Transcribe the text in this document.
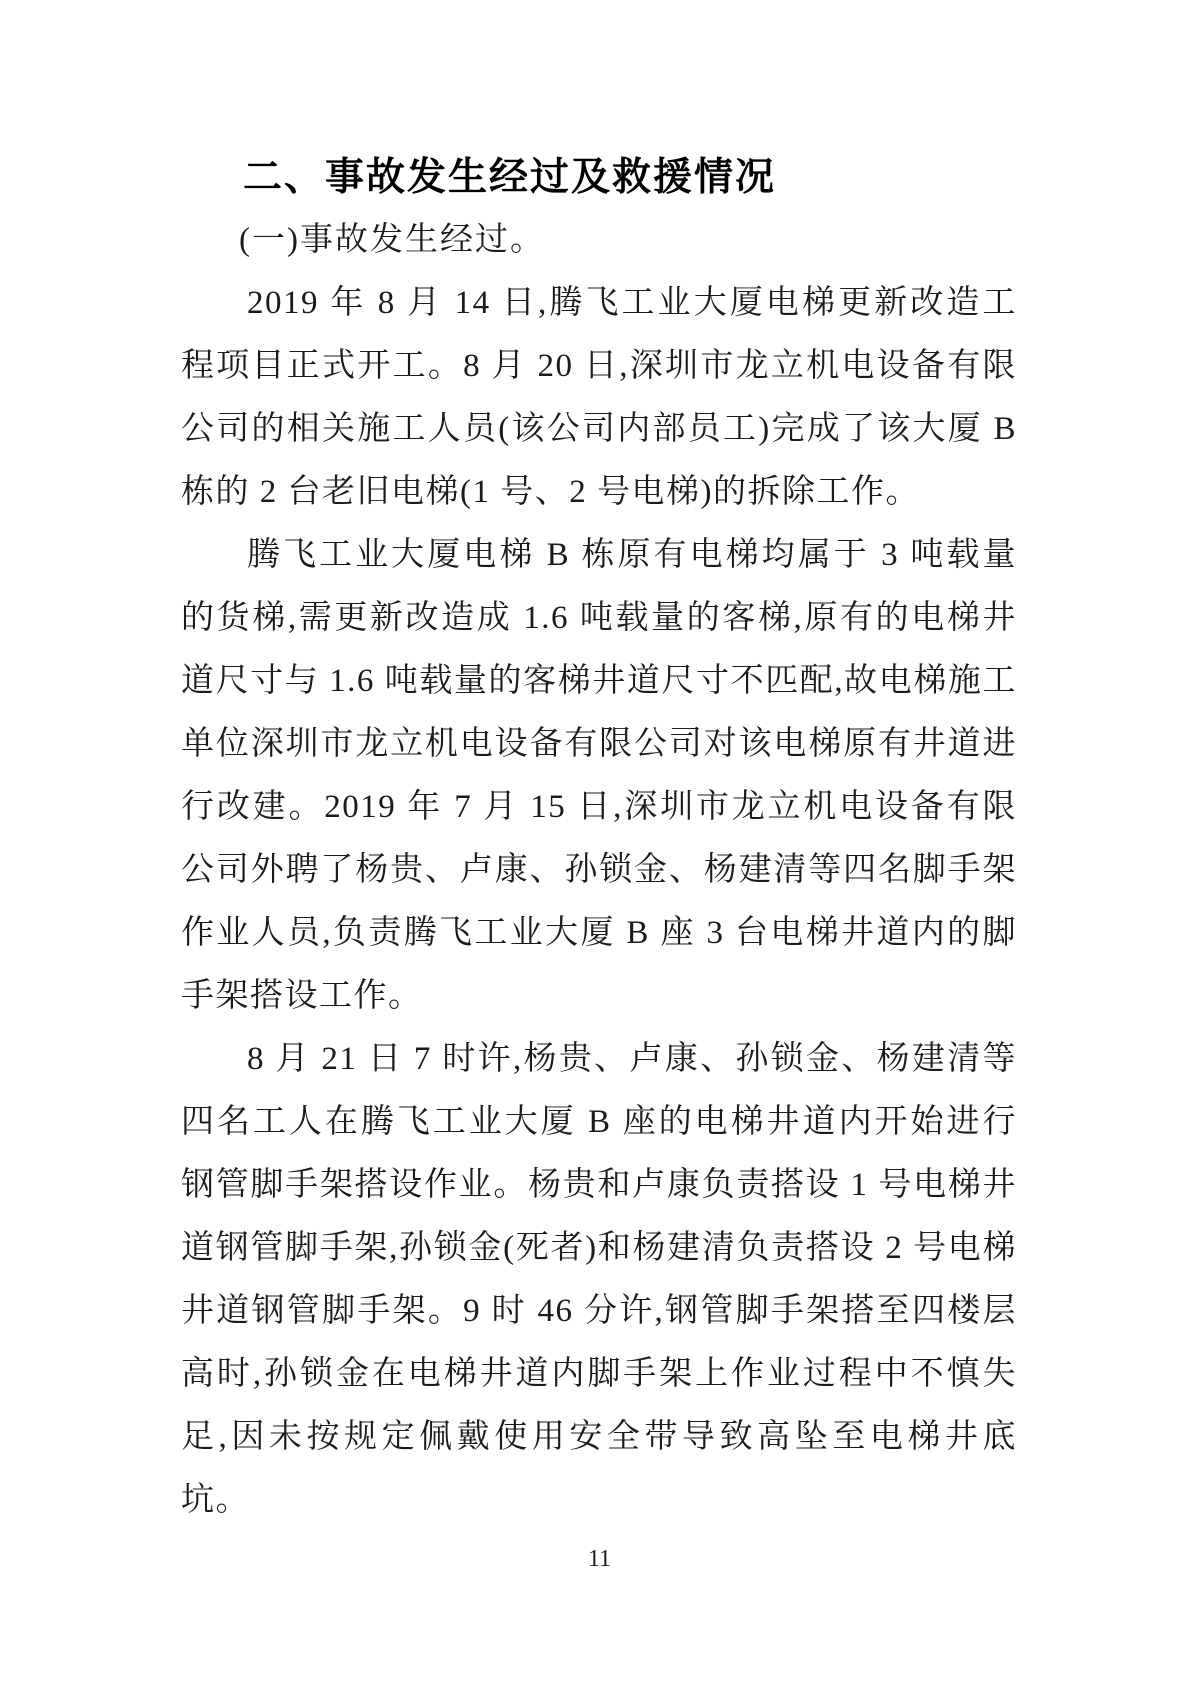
二、事故发生经过及救援情况

(一)事故发生经过。

2019 年 8 月 14 日,腾飞工业大厦电梯更新改造工程项目正式开工。8 月 20 日,深圳市龙立机电设备有限公司的相关施工人员(该公司内部员工)完成了该大厦 B 栋的 2 台老旧电梯(1 号、2 号电梯)的拆除工作。

腾飞工业大厦电梯 B 栋原有电梯均属于 3 吨载量的货梯,需更新改造成 1.6 吨载量的客梯,原有的电梯井道尺寸与 1.6 吨载量的客梯井道尺寸不匹配,故电梯施工单位深圳市龙立机电设备有限公司对该电梯原有井道进行改建。2019 年 7 月 15 日,深圳市龙立机电设备有限公司外聘了杨贵、卢康、孙锁金、杨建清等四名脚手架作业人员,负责腾飞工业大厦 B 座 3 台电梯井道内的脚手架搭设工作。

8 月 21 日 7 时许,杨贵、卢康、孙锁金、杨建清等四名工人在腾飞工业大厦 B 座的电梯井道内开始进行钢管脚手架搭设作业。杨贵和卢康负责搭设 1 号电梯井道钢管脚手架,孙锁金(死者)和杨建清负责搭设 2 号电梯井道钢管脚手架。9 时 46 分许,钢管脚手架搭至四楼层高时,孙锁金在电梯井道内脚手架上作业过程中不慎失足,因未按规定佩戴使用安全带导致高坠至电梯井底坑。

11
